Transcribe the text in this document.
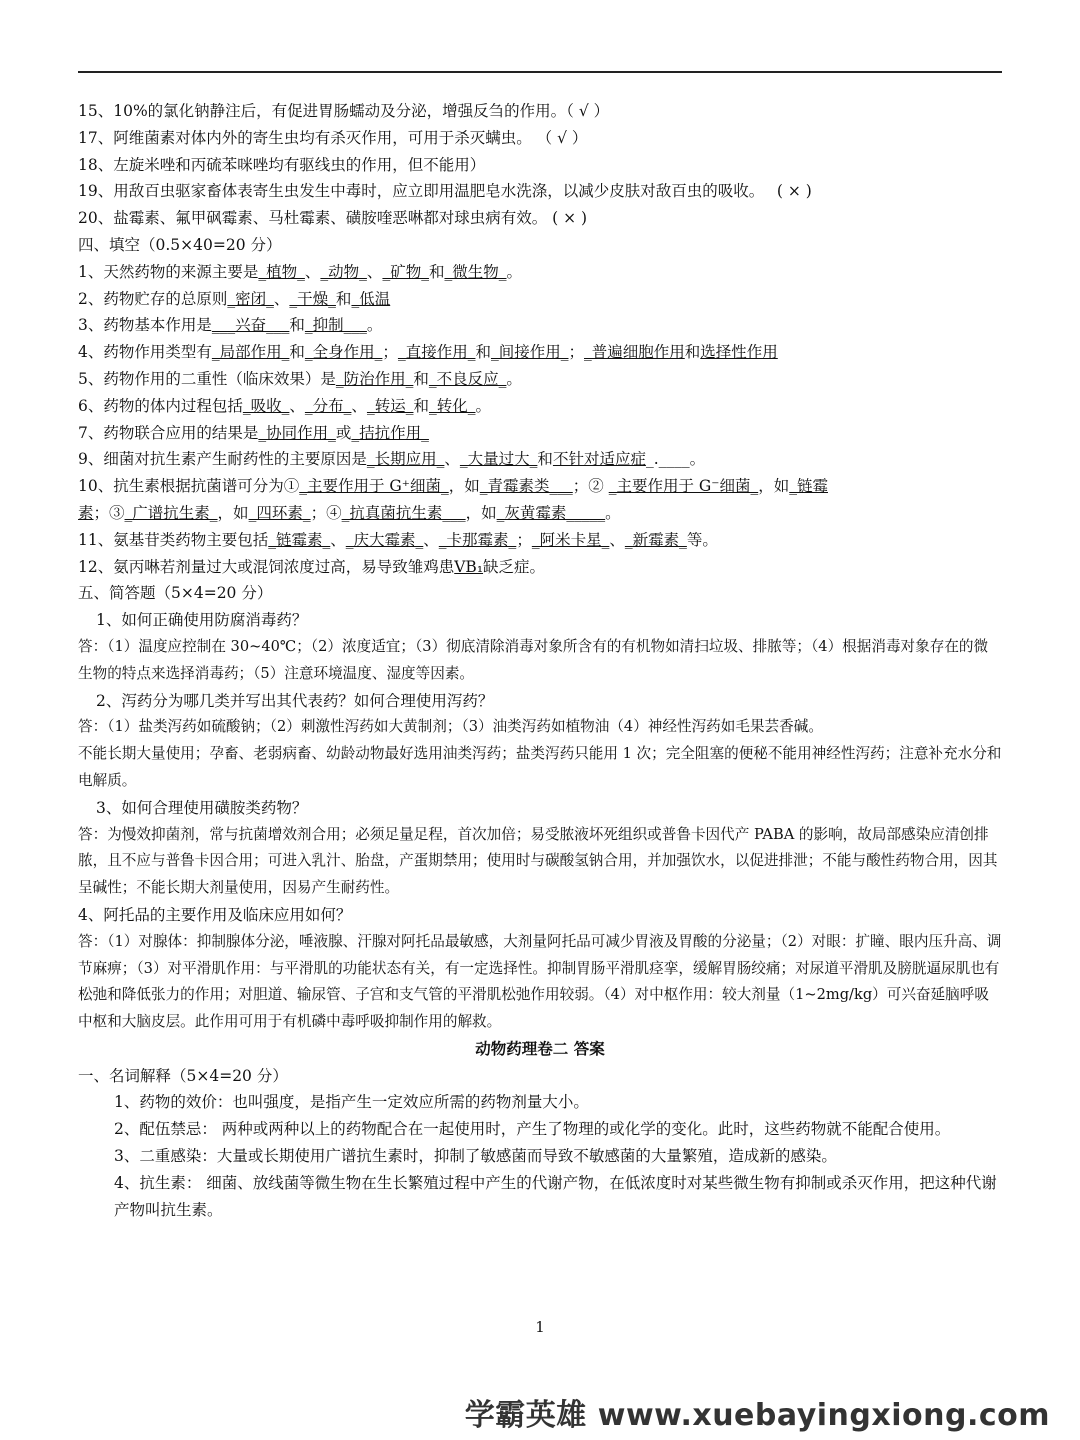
15、10%的氯化钠静注后，有促进胃肠蠕动及分泌，增强反刍的作用。（ √ ）
17、阿维菌素对体内外的寄生虫均有杀灭作用，可用于杀灭螨虫。 （ √ ）
18、左旋米唑和丙硫苯咪唑均有驱线虫的作用，但不能用）
19、用敌百虫驱家畜体表寄生虫发生中毒时，应立即用温肥皂水洗涤，以减少皮肤对敌百虫的吸收。　 ( × )
20、盐霉素、氟甲砜霉素、马杜霉素、磺胺喹恶啉都对球虫病有效。 ( × )
四、填空（0.5×40=20 分）
1、天然药物的来源主要是_植物_、_动物_、_矿物_和_微生物_。
2、药物贮存的总原则_密闭_、_干燥_和_低温
3、药物基本作用是___兴奋___和_抑制___。
4、药物作用类型有_局部作用_和_全身作用_；_直接作用_和_间接作用_；_普遍细胞作用和选择性作用
5、药物作用的二重性（临床效果）是_防治作用_和_不良反应_。
6、药物的体内过程包括_吸收_、_分布_、_转运_和_转化_。
7、药物联合应用的结果是_协同作用_或_拮抗作用_
9、细菌对抗生素产生耐药性的主要原因是_长期应用_、_大量过大_和不针对适应症_.____。
10、抗生素根据抗菌谱可分为①_主要作用于 G⁺细菌_，如_青霉素类___；② _主要作用于 G⁻细菌_，如_链霉
素；③_广谱抗生素_，如_四环素_；④_抗真菌抗生素___，如_灰黄霉素_____。
11、氨基苷类药物主要包括_链霉素_、_庆大霉素_、_卡那霉素_；_阿米卡星_、_新霉素_等。
12、氨丙啉若剂量过大或混饲浓度过高，易导致雏鸡患VB₁缺乏症。
五、简答题（5×4=20 分）
1、如何正确使用防腐消毒药？
答：（1）温度应控制在 30~40℃；（2）浓度适宜；（3）彻底清除消毒对象所含有的有机物如清扫垃圾、排脓等；（4）根据消毒对象存在的微生物的特点来选择消毒药；（5）注意环境温度、湿度等因素。
2、泻药分为哪几类并写出其代表药？如何合理使用泻药？
答：（1）盐类泻药如硫酸钠；（2）刺激性泻药如大黄制剂；（3）油类泻药如植物油（4）神经性泻药如毛果芸香碱。
不能长期大量使用；孕畜、老弱病畜、幼龄动物最好选用油类泻药；盐类泻药只能用 1 次；完全阻塞的便秘不能用神经性泻药；注意补充水分和电解质。
3、如何合理使用磺胺类药物？
答：为慢效抑菌剂，常与抗菌增效剂合用；必须足量足程，首次加倍；易受脓液坏死组织或普鲁卡因代产 PABA 的影响，故局部感染应清创排脓，且不应与普鲁卡因合用；可进入乳汁、胎盘，产蛋期禁用；使用时与碳酸氢钠合用，并加强饮水，以促进排泄；不能与酸性药物合用，因其呈碱性；不能长期大剂量使用，因易产生耐药性。
4、阿托品的主要作用及临床应用如何？
答：（1）对腺体：抑制腺体分泌，唾液腺、汗腺对阿托品最敏感，大剂量阿托品可减少胃液及胃酸的分泌量；（2）对眼：扩瞳、眼内压升高、调节麻痹；（3）对平滑肌作用：与平滑肌的功能状态有关，有一定选择性。抑制胃肠平滑肌痉挛，缓解胃肠绞痛；对尿道平滑肌及膀胱逼尿肌也有松弛和降低张力的作用；对胆道、输尿管、子宫和支气管的平滑肌松弛作用较弱。（4）对中枢作用：较大剂量（1~2mg/kg）可兴奋延脑呼吸中枢和大脑皮层。此作用可用于有机磷中毒呼吸抑制作用的解救。
动物药理卷二 答案
一、名词解释（5×4=20 分）
1、药物的效价：也叫强度，是指产生一定效应所需的药物剂量大小。
2、配伍禁忌： 两种或两种以上的药物配合在一起使用时，产生了物理的或化学的变化。此时，这些药物就不能配合使用。
3、二重感染：大量或长期使用广谱抗生素时，抑制了敏感菌而导致不敏感菌的大量繁殖，造成新的感染。
4、抗生素： 细菌、放线菌等微生物在生长繁殖过程中产生的代谢产物，在低浓度时对某些微生物有抑制或杀灭作用，把这种代谢产物叫抗生素。
1
学霸英雄 www.xuebayingxiong.com
